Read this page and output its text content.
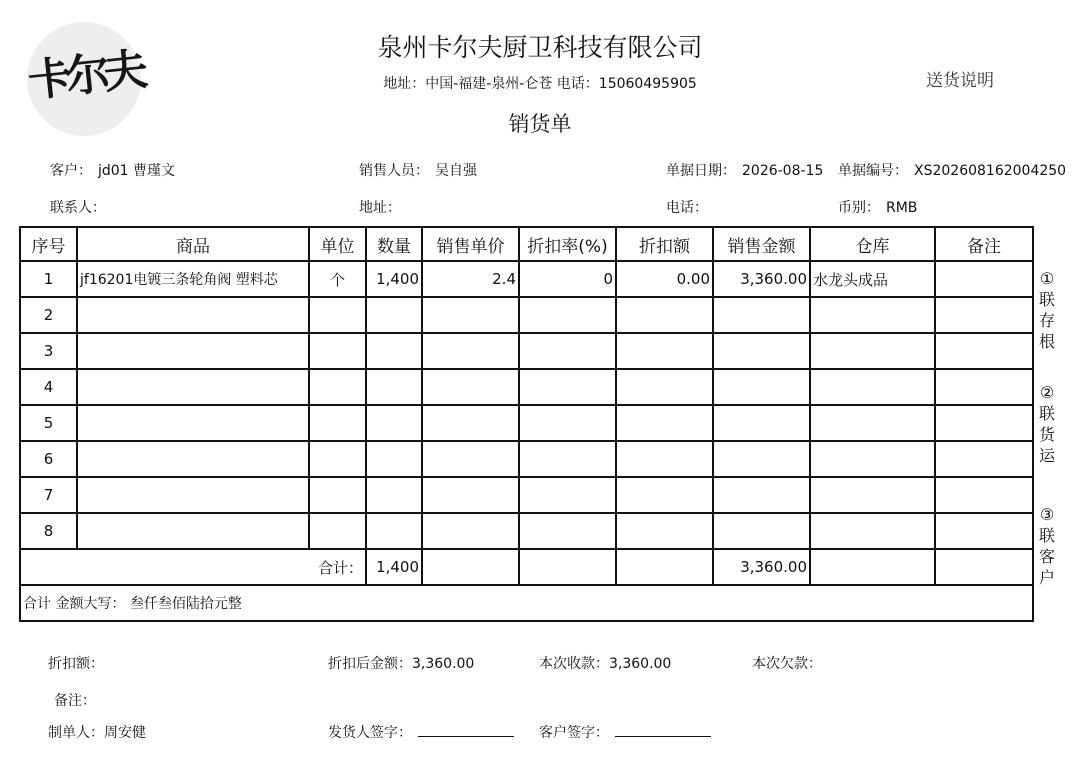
卡尔夫	泉州卡尔夫厨卫科技有限公司
地址：中国-福建-泉州-仑苍 电话：15060495905	送货说明
销货单
客户： jd01 曹瑾文	销售人员： 吴自强	单据日期： 2026-08-15 单据编号： XS202608162004250
联系人：	地址：	电话：	币别： RMB
序号	商品	单位	数量	销售单价	折扣率(%)	折扣额	销售金额	仓库	备注
1	jf16201电镀三条轮角阀 塑料芯	个	1,400	2.4	0	0.00	3,360.00	水龙头成品	
2									
3									
4									
5									
6									
7									
8									
合计：			1,400				3,360.00		
合计 金额大写： 叁仟叁佰陆拾元整									
①
联
存
根
②
联
货
运
③
联
客
户
折扣额：	折扣后金额：3,360.00	本次收款：3,360.00	本次欠款：
备注：
制单人：周安健	发货人签字：	客户签字：
